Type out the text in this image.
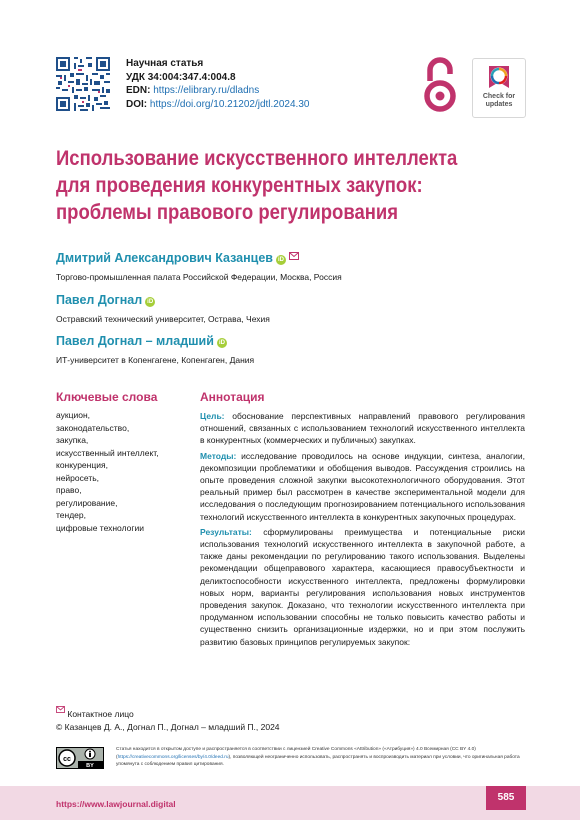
Научная статья
УДК 34:004:347.4:004.8
EDN: https://elibrary.ru/dladns
DOI: https://doi.org/10.21202/jdtl.2024.30
Check for
updates
Использование искусственного интеллекта
для проведения конкурентных закупок:
проблемы правового регулирования
Дмитрий Александрович Казанцев iD
Торгово-промышленная палата Российской Федерации, Москва, Россия
Павел Догнал iD
Остравский технический университет, Острава, Чехия
Павел Догнал – младший iD
ИТ-университет в Копенгагене, Копенгаген, Дания
Ключевые слова
аукцион,
законодательство,
закупка,
искусственный интеллект,
конкуренция,
нейросеть,
право,
регулирование,
тендер,
цифровые технологии
Аннотация

Цель: обоснование перспективных направлений правового регулирования отношений, связанных с использованием технологий искусственного интеллекта в конкурентных (коммерческих и публичных) закупках.

Методы: исследование проводилось на основе индукции, синтеза, аналогии, декомпозиции проблематики и обобщения выводов. Рассуждения строились на опыте проведения сложной закупки высокотехнологичного оборудования. Этот реальный пример был рассмотрен в качестве экспериментальной модели для исследования о последующим прогнозированием потенциального использования технологий искусственного интеллекта в конкурентных закупочных процедурах.

Результаты: сформулированы преимущества и потенциальные риски использования технологий искусственного интеллекта в закупочной работе, а также даны рекомендации по регулированию такого использования. Выделены рекомендации общеправового характера, касающиеся правосубъектности и деликтоспособности искусственного интеллекта, предложены формулировки новых норм, варианты регулирования использования новых инструментов проведения закупок. Доказано, что технологии искусственного интеллекта при продуманном использовании способны не только повысить качество работы и существенно снизить организационные издержки, но и при этом послужить развитию базовых принципов регулируемых закупок:

Контактное лицо
© Казанцев Д. А., Догнал П., Догнал – младший П., 2024
cc
BY
Статья находится в открытом доступе и распространяется в соответствии с лицензией Creative Commons «Attribution» («Атрибуция») 4.0 Всемирная (CC BY 4.0) (https://creativecommons.org/licenses/by/4.0/deed.ru), позволяющей неограниченно использовать, распространять и воспроизводить материал при условии, что оригинальная работа упомянута с соблюдением правил цитирования.
https://www.lawjournal.digital
585
